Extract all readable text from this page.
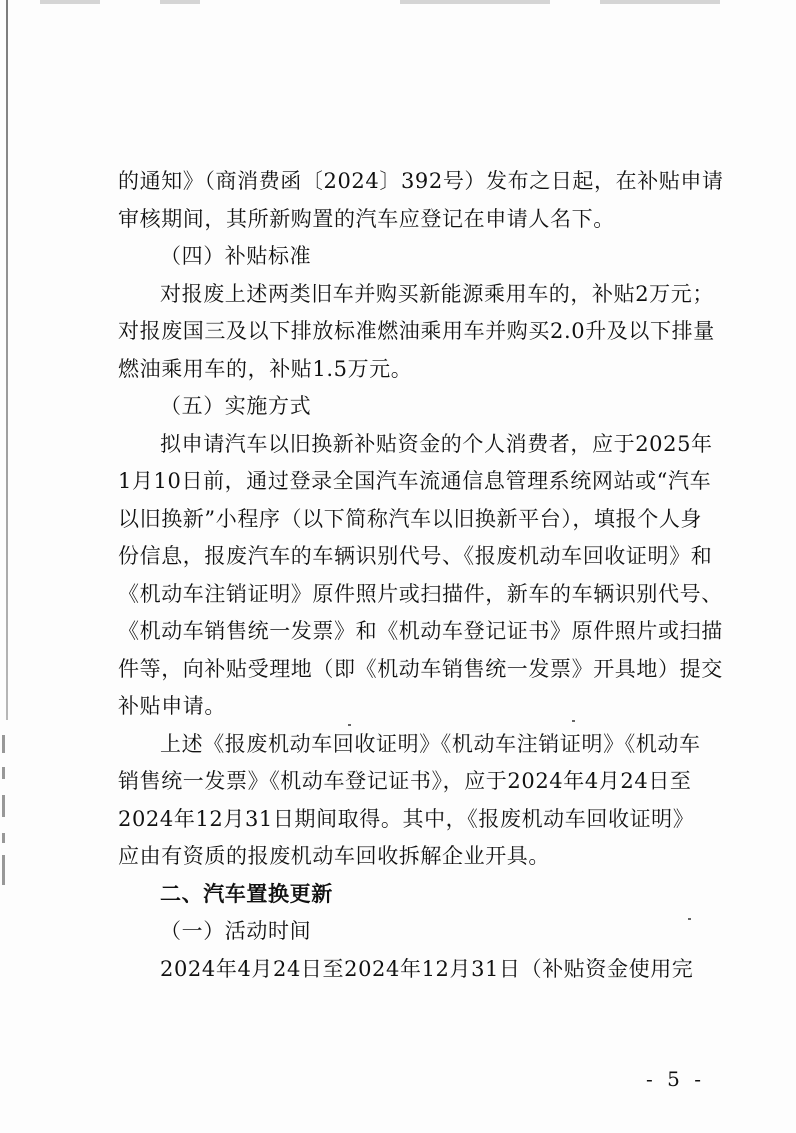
的通知》（商消费函〔2024〕392号）发布之日起，在补贴申请
审核期间，其所新购置的汽车应登记在申请人名下。
（四）补贴标准
对报废上述两类旧车并购买新能源乘用车的，补贴2万元；
对报废国三及以下排放标准燃油乘用车并购买2.0升及以下排量
燃油乘用车的，补贴1.5万元。
（五）实施方式
拟申请汽车以旧换新补贴资金的个人消费者，应于2025年
1月10日前，通过登录全国汽车流通信息管理系统网站或“汽车
以旧换新”小程序（以下简称汽车以旧换新平台），填报个人身
份信息，报废汽车的车辆识别代号、《报废机动车回收证明》和
《机动车注销证明》原件照片或扫描件，新车的车辆识别代号、
《机动车销售统一发票》和《机动车登记证书》原件照片或扫描
件等，向补贴受理地（即《机动车销售统一发票》开具地）提交
补贴申请。
上述《报废机动车回收证明》《机动车注销证明》《机动车
销售统一发票》《机动车登记证书》，应于2024年4月24日至
2024年12月31日期间取得。其中，《报废机动车回收证明》
应由有资质的报废机动车回收拆解企业开具。
二、汽车置换更新
（一）活动时间
2024年4月24日至2024年12月31日（补贴资金使用完
- 5 -
